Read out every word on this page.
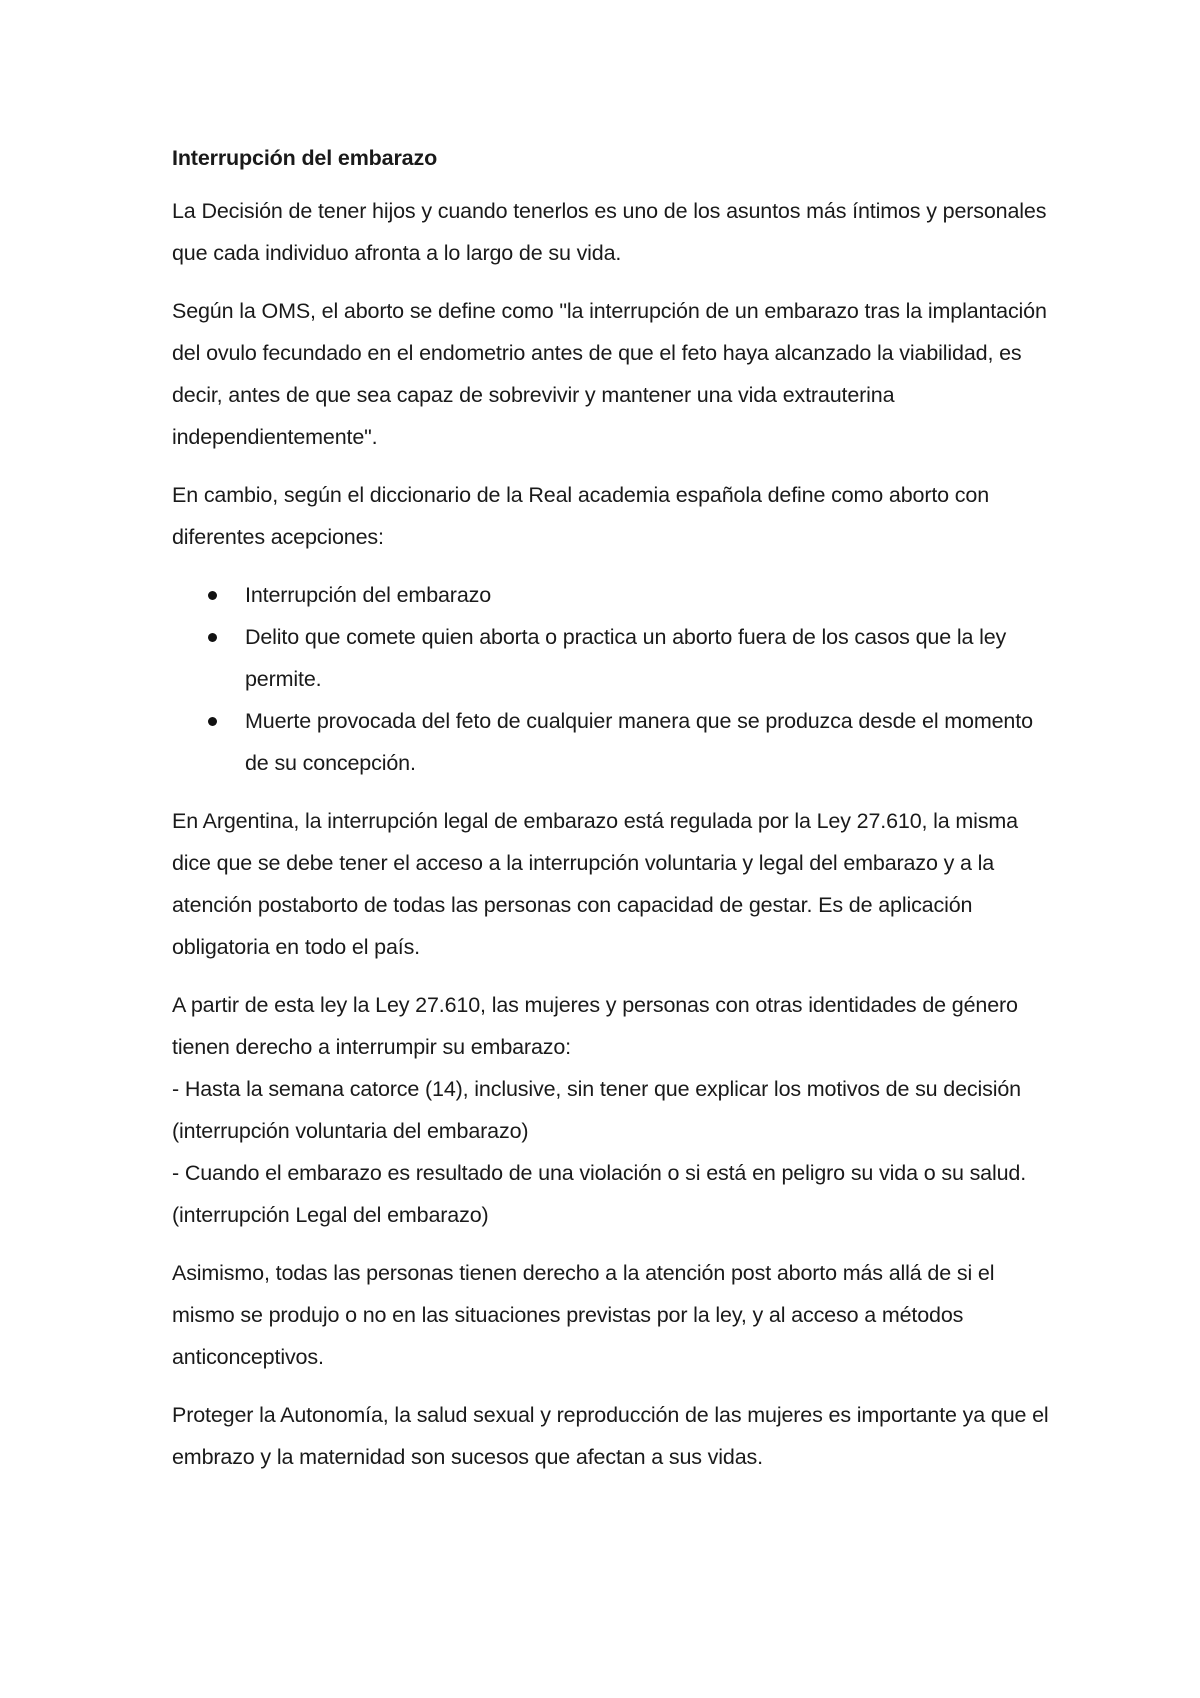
Interrupción del embarazo

La Decisión de tener hijos y cuando tenerlos es uno de los asuntos más íntimos y personales que cada individuo afronta a lo largo de su vida.

Según la OMS, el aborto se define como "la interrupción de un embarazo tras la implantación del ovulo fecundado en el endometrio antes de que el feto haya alcanzado la viabilidad, es decir, antes de que sea capaz de sobrevivir y mantener una vida extrauterina independientemente".

En cambio, según el diccionario de la Real academia española define como aborto con diferentes acepciones:

Interrupción del embarazo
Delito que comete quien aborta o practica un aborto fuera de los casos que la ley permite.
Muerte provocada del feto de cualquier manera que se produzca desde el momento de su concepción.

En Argentina, la interrupción legal de embarazo está regulada por la Ley 27.610, la misma dice que se debe tener el acceso a la interrupción voluntaria y legal del embarazo y a la atención postaborto de todas las personas con capacidad de gestar. Es de aplicación obligatoria en todo el país.

A partir de esta ley la Ley 27.610, las mujeres y personas con otras identidades de género tienen derecho a interrumpir su embarazo:
- Hasta la semana catorce (14), inclusive, sin tener que explicar los motivos de su decisión (interrupción voluntaria del embarazo)
- Cuando el embarazo es resultado de una violación o si está en peligro su vida o su salud. (interrupción Legal del embarazo)

Asimismo, todas las personas tienen derecho a la atención post aborto más allá de si el mismo se produjo o no en las situaciones previstas por la ley, y al acceso a métodos anticonceptivos.

Proteger la Autonomía, la salud sexual y reproducción de las mujeres es importante ya que el embrazo y la maternidad son sucesos que afectan a sus vidas.
